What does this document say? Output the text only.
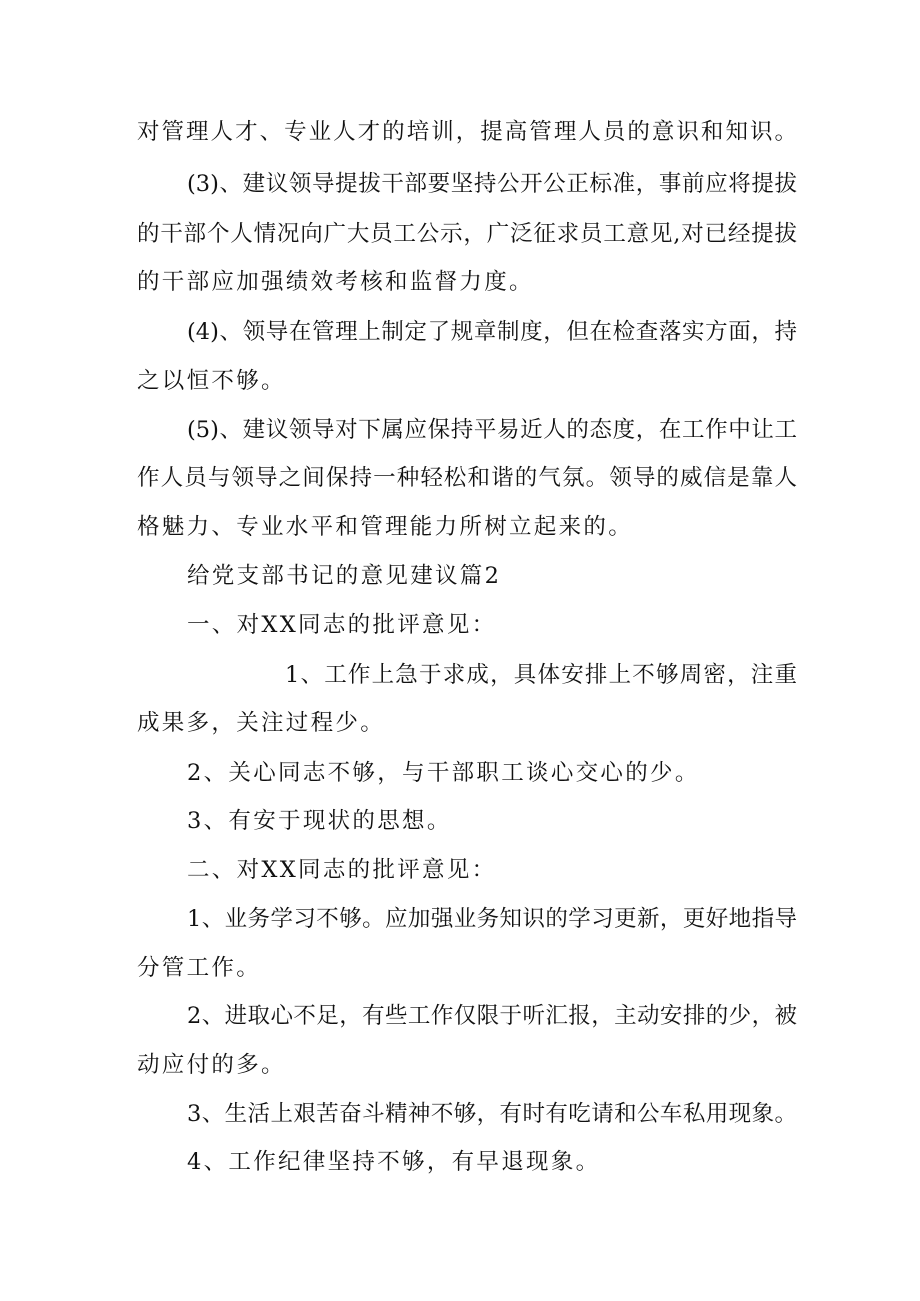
对管理人才、专业人才的培训，提高管理人员的意识和知识。
(3)、建议领导提拔干部要坚持公开公正标准，事前应将提拔
的干部个人情况向广大员工公示，广泛征求员工意见,对已经提拔
的干部应加强绩效考核和监督力度。
(4)、领导在管理上制定了规章制度，但在检查落实方面，持
之以恒不够。
(5)、建议领导对下属应保持平易近人的态度，在工作中让工
作人员与领导之间保持一种轻松和谐的气氛。领导的威信是靠人
格魅力、专业水平和管理能力所树立起来的。
给党支部书记的意见建议篇2
一、对XX同志的批评意见：
1、工作上急于求成，具体安排上不够周密，注重
成果多，关注过程少。
2、关心同志不够，与干部职工谈心交心的少。
3、有安于现状的思想。
二、对XX同志的批评意见：
1、业务学习不够。应加强业务知识的学习更新，更好地指导
分管工作。
2、进取心不足，有些工作仅限于听汇报，主动安排的少，被
动应付的多。
3、生活上艰苦奋斗精神不够，有时有吃请和公车私用现象。
4、工作纪律坚持不够，有早退现象。
